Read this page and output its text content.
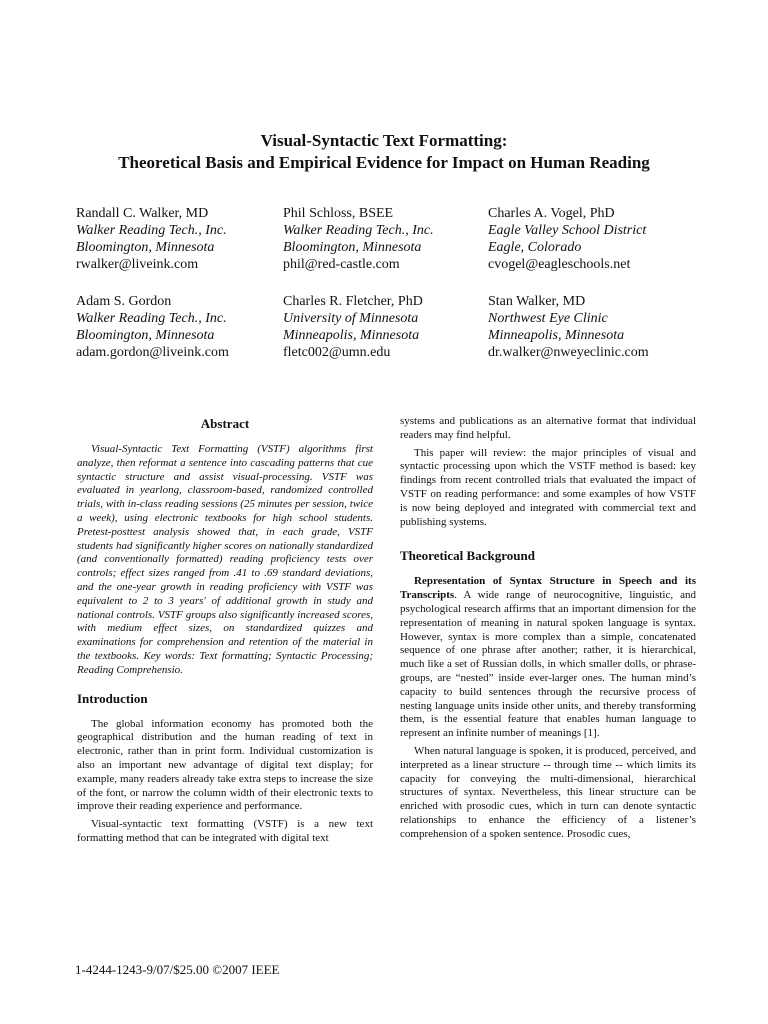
Visual-Syntactic Text Formatting:
Theoretical Basis and Empirical Evidence for Impact on Human Reading
Randall C. Walker, MD
Walker Reading Tech., Inc.
Bloomington, Minnesota
rwalker@liveink.com
Phil Schloss, BSEE
Walker Reading Tech., Inc.
Bloomington, Minnesota
phil@red-castle.com
Charles A. Vogel, PhD
Eagle Valley School District
Eagle, Colorado
cvogel@eagleschools.net
Adam S. Gordon
Walker Reading Tech., Inc.
Bloomington, Minnesota
adam.gordon@liveink.com
Charles R. Fletcher, PhD
University of Minnesota
Minneapolis, Minnesota
fletc002@umn.edu
Stan Walker, MD
Northwest Eye Clinic
Minneapolis, Minnesota
dr.walker@nweyeclinic.com
Abstract

Visual-Syntactic Text Formatting (VSTF) algorithms first analyze, then reformat a sentence into cascading patterns that cue syntactic structure and assist visual-processing. VSTF was evaluated in yearlong, classroom-based, randomized controlled trials, with in-class reading sessions (25 minutes per session, twice a week), using electronic textbooks for high school students. Pretest-posttest analysis showed that, in each grade, VSTF students had significantly higher scores on nationally standardized (and conventionally formatted) reading proficiency tests over controls; effect sizes ranged from .41 to .69 standard deviations, and the one-year growth in reading proficiency with VSTF was equivalent to 2 to 3 years' of additional growth in study and national controls. VSTF groups also significantly increased scores, with medium effect sizes, on standardized quizzes and examinations for comprehension and retention of the material in the textbooks. Key words: Text formatting; Syntactic Processing; Reading Comprehensio.

Introduction

The global information economy has promoted both the geographical distribution and the human reading of text in electronic, rather than in print form. Individual customization is also an important new advantage of digital text display; for example, many readers already take extra steps to increase the size of the font, or narrow the column width of their electronic texts to improve their reading experience and performance.

Visual-syntactic text formatting (VSTF) is a new text formatting method that can be integrated with digital text

systems and publications as an alternative format that individual readers may find helpful.

This paper will review: the major principles of visual and syntactic processing upon which the VSTF method is based: key findings from recent controlled trials that evaluated the impact of VSTF on reading performance: and some examples of how VSTF is now being deployed and integrated with commercial text and publishing systems.

Theoretical Background

Representation of Syntax Structure in Speech and its Transcripts. A wide range of neurocognitive, linguistic, and psychological research affirms that an important dimension for the representation of meaning in natural spoken language is syntax. However, syntax is more complex than a simple, concatenated sequence of one phrase after another; rather, it is hierarchical, much like a set of Russian dolls, in which smaller dolls, or phrase-groups, are “nested” inside ever-larger ones. The human mind’s capacity to build sentences through the recursive process of nesting language units inside other units, and thereby transforming them, is the essential feature that enables human language to represent an infinite number of meanings [1].

When natural language is spoken, it is produced, perceived, and interpreted as a linear structure -- through time -- which limits its capacity for conveying the multi-dimensional, hierarchical structures of syntax. Nevertheless, this linear structure can be enriched with prosodic cues, which in turn can denote syntactic relationships to enhance the efficiency of a listener’s comprehension of a spoken sentence. Prosodic cues,

1-4244-1243-9/07/$25.00 ©2007 IEEE
